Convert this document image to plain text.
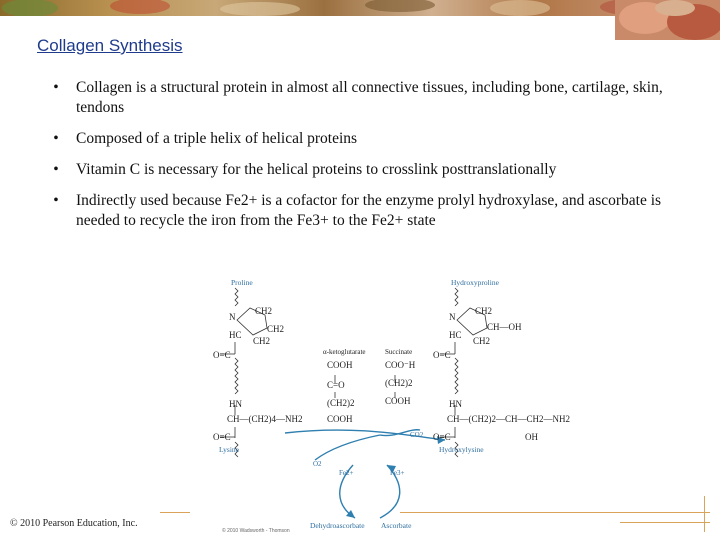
Collagen Synthesis
• Collagen is a structural protein in almost all connective tissues, including bone, cartilage, skin, tendons
• Composed of a triple helix of helical proteins
• Vitamin C is necessary for the helical proteins to crosslink posttranslationally
• Indirectly used because Fe2+ is a cofactor for the enzyme prolyl hydroxylase, and ascorbate is needed to recycle the iron from the Fe3+ to the Fe2+ state
Proline
N
CH2
CH2
HC
CH2
O=C
HN
CH—(CH2)4—NH2
O=C
Lysine
α-ketoglutarate
COOH
C=O
(CH2)2
COOH
Succinate
COO⁻H
(CH2)2
COOH
CO2
O2
Fe2+	Fe3+
Hydroxyproline
N
CH2
CH—OH
HC
CH2
O=C
HN
CH—(CH2)2—CH—CH2—NH2
O=C	OH
Hydroxylysine
Dehydroascorbate Ascorbate
© 2010 Pearson Education, Inc.
© 2010 Wadsworth - Thomson
